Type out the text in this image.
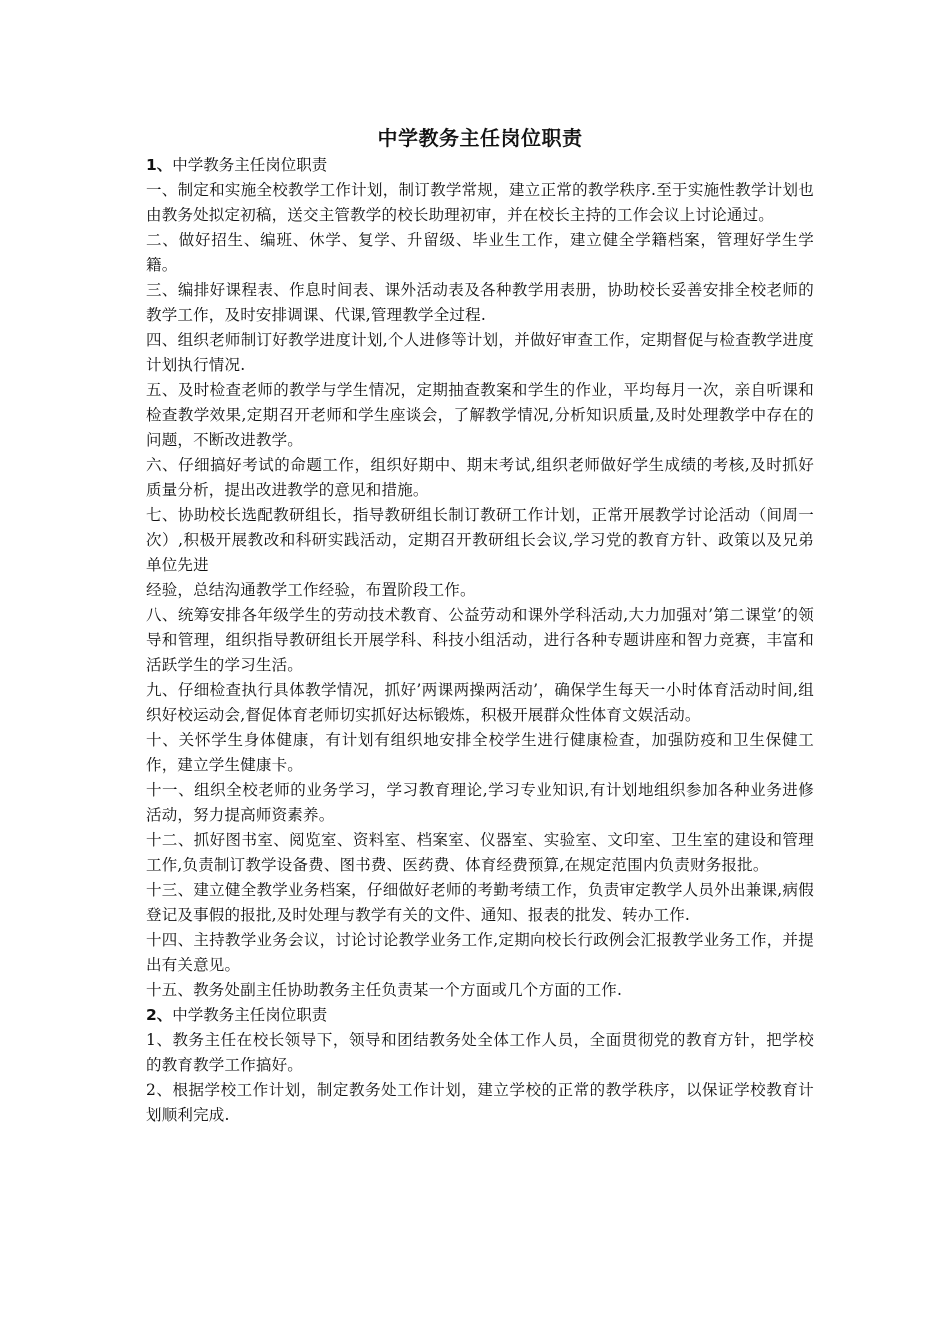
中学教务主任岗位职责

1、中学教务主任岗位职责

一、制定和实施全校教学工作计划，制订教学常规，建立正常的教学秩序.至于实施性教学计划也由教务处拟定初稿，送交主管教学的校长助理初审，并在校长主持的工作会议上讨论通过。

二、做好招生、编班、休学、复学、升留级、毕业生工作，建立健全学籍档案，管理好学生学籍。

三、编排好课程表、作息时间表、课外活动表及各种教学用表册，协助校长妥善安排全校老师的教学工作，及时安排调课、代课,管理教学全过程.

四、组织老师制订好教学进度计划,个人进修等计划，并做好审查工作，定期督促与检查教学进度计划执行情况.

五、及时检查老师的教学与学生情况，定期抽查教案和学生的作业，平均每月一次，亲自听课和检查教学效果,定期召开老师和学生座谈会，了解教学情况,分析知识质量,及时处理教学中存在的问题，不断改进教学。

六、仔细搞好考试的命题工作，组织好期中、期末考试,组织老师做好学生成绩的考核,及时抓好质量分析，提出改进教学的意见和措施。

七、协助校长选配教研组长，指导教研组长制订教研工作计划，正常开展教学讨论活动（间周一次）,积极开展教改和科研实践活动，定期召开教研组长会议,学习党的教育方针、政策以及兄弟单位先进

经验，总结沟通教学工作经验，布置阶段工作。

八、统筹安排各年级学生的劳动技术教育、公益劳动和课外学科活动,大力加强对’第二课堂’的领导和管理，组织指导教研组长开展学科、科技小组活动，进行各种专题讲座和智力竞赛，丰富和活跃学生的学习生活。

九、仔细检查执行具体教学情况，抓好’两课两操两活动’，确保学生每天一小时体育活动时间,组织好校运动会,督促体育老师切实抓好达标锻炼，积极开展群众性体育文娱活动。

十、关怀学生身体健康，有计划有组织地安排全校学生进行健康检查，加强防疫和卫生保健工作，建立学生健康卡。

十一、组织全校老师的业务学习，学习教育理论,学习专业知识,有计划地组织参加各种业务进修活动，努力提高师资素养。

十二、抓好图书室、阅览室、资料室、档案室、仪器室、实验室、文印室、卫生室的建设和管理工作,负责制订教学设备费、图书费、医药费、体育经费预算,在规定范围内负责财务报批。

十三、建立健全教学业务档案，仔细做好老师的考勤考绩工作，负责审定教学人员外出兼课,病假登记及事假的报批,及时处理与教学有关的文件、通知、报表的批发、转办工作.

十四、主持教学业务会议，讨论讨论教学业务工作,定期向校长行政例会汇报教学业务工作，并提出有关意见。

十五、教务处副主任协助教务主任负责某一个方面或几个方面的工作.

2、中学教务主任岗位职责

1、教务主任在校长领导下，领导和团结教务处全体工作人员，全面贯彻党的教育方针，把学校的教育教学工作搞好。

2、根据学校工作计划，制定教务处工作计划，建立学校的正常的教学秩序，以保证学校教育计划顺利完成.
